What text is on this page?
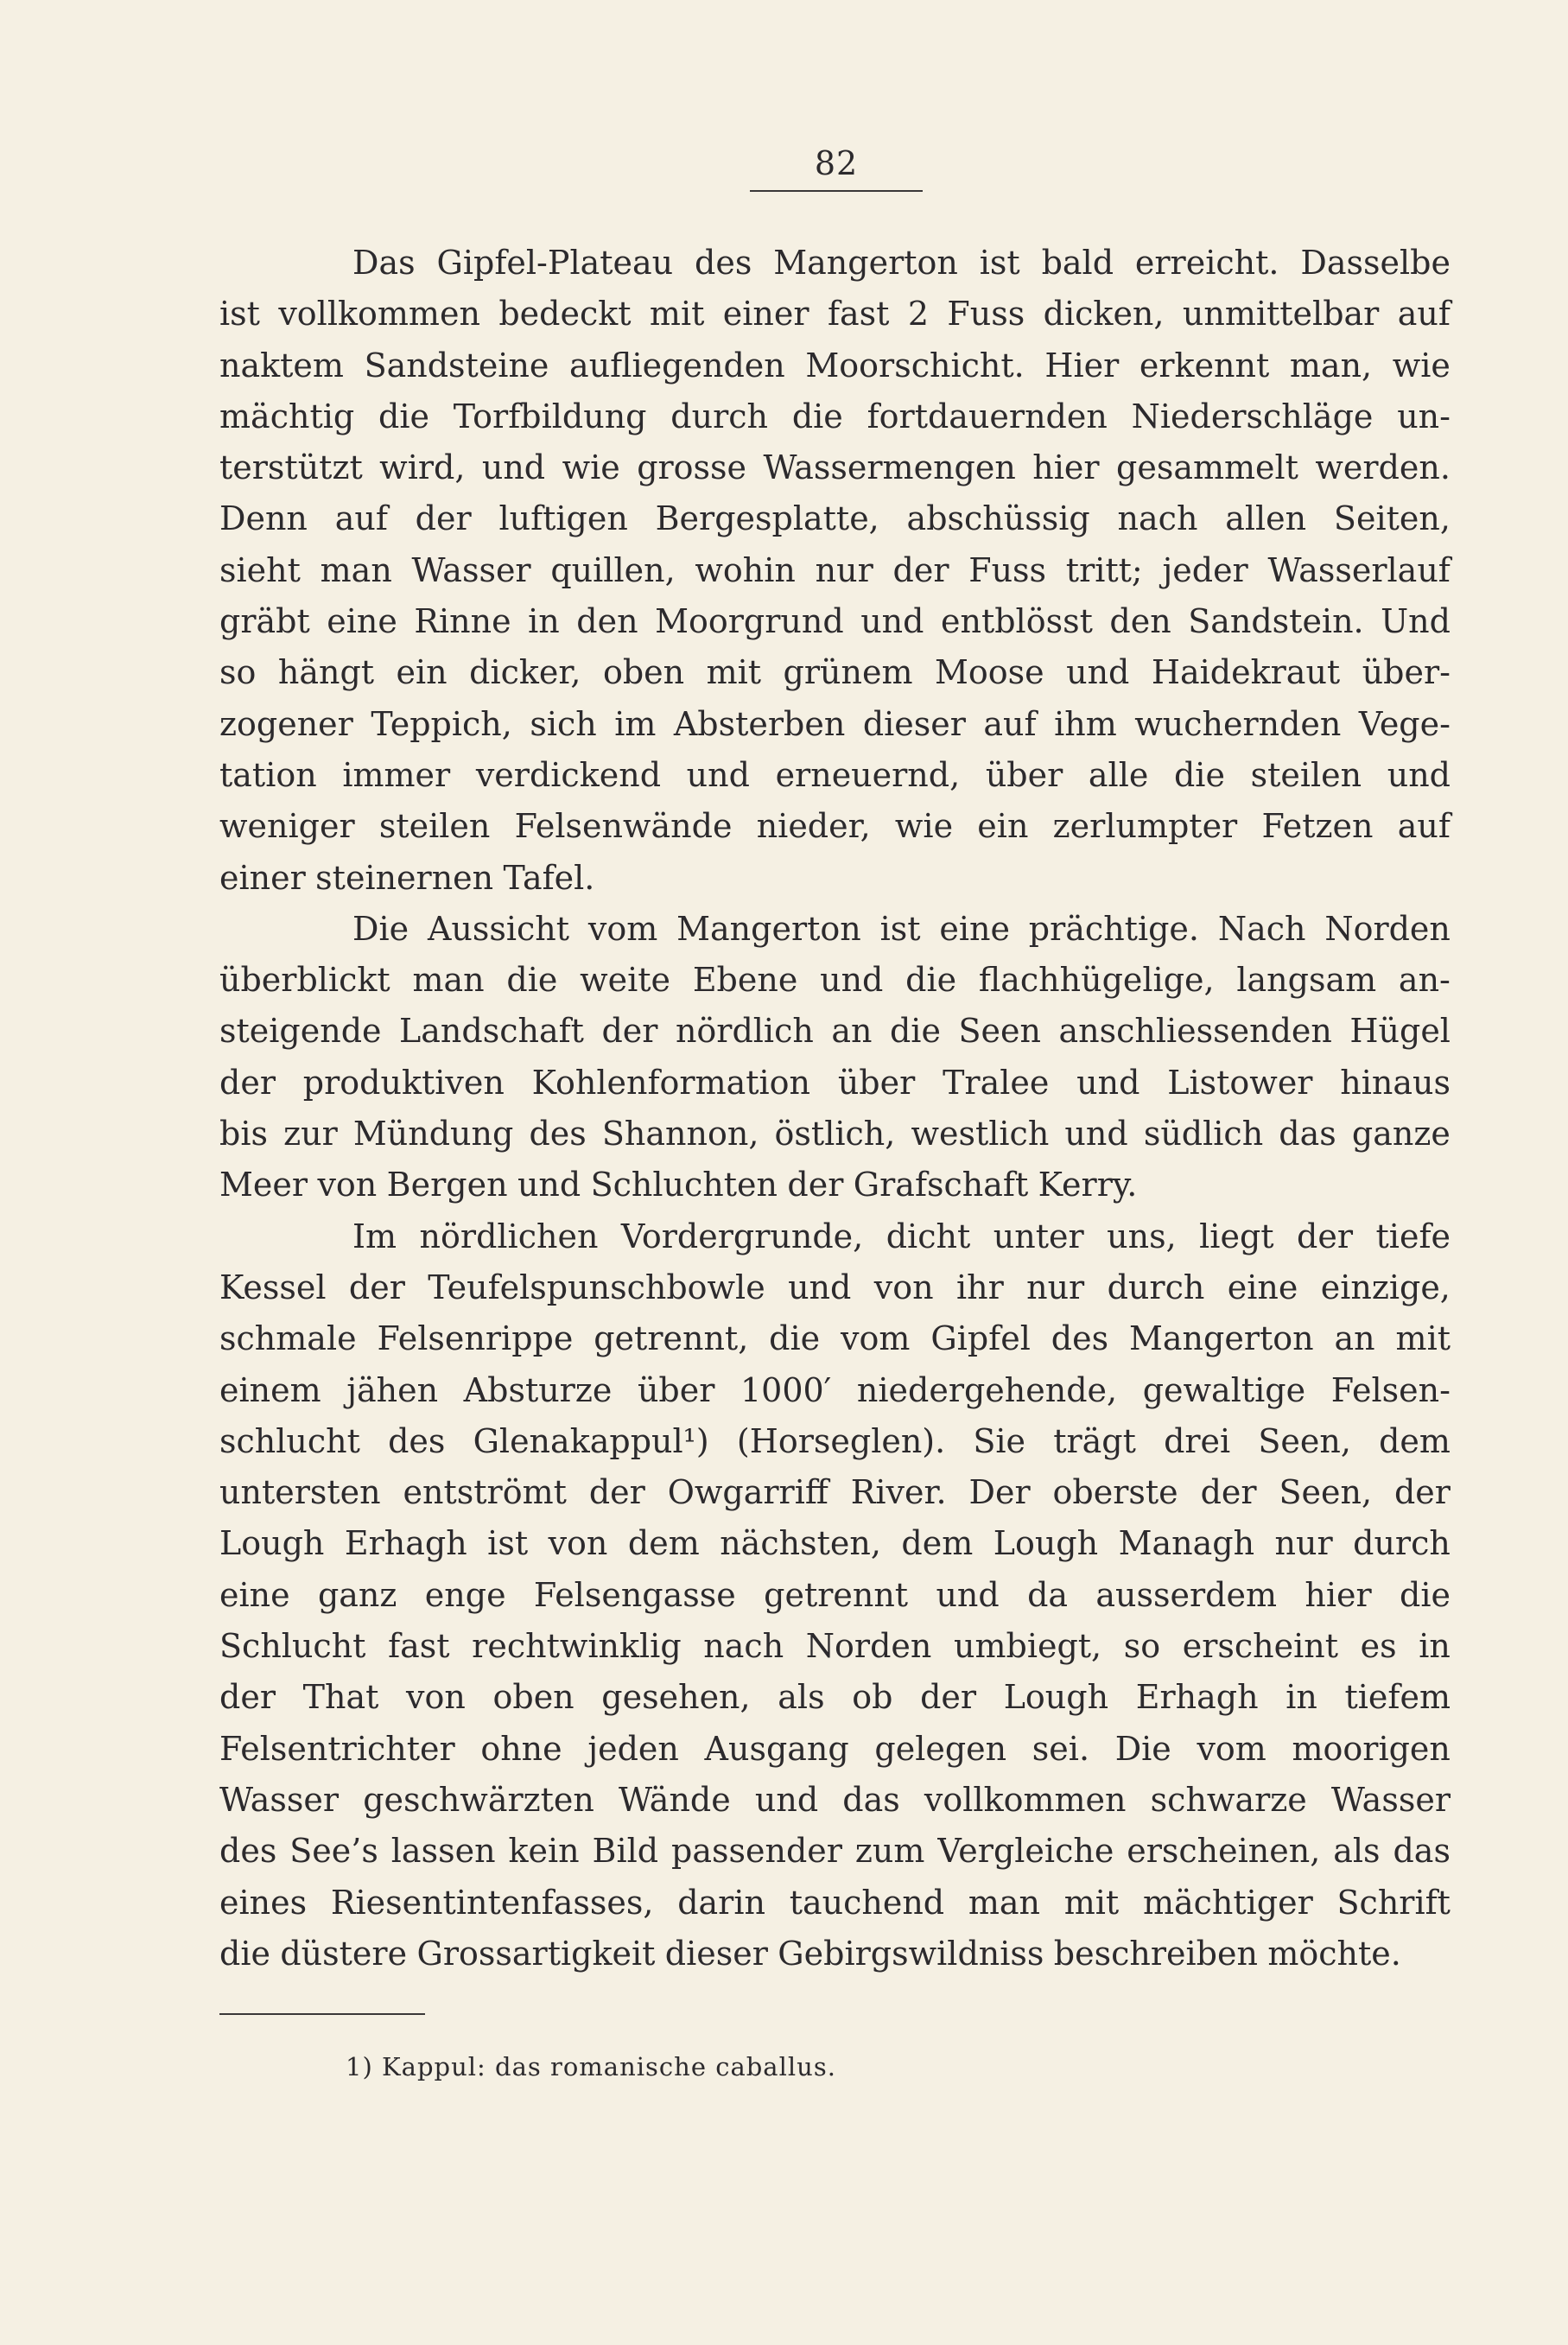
82
Das Gipfel-Plateau des Mangerton ist bald erreicht. Dasselbe
ist vollkommen bedeckt mit einer fast 2 Fuss dicken, unmittelbar auf
naktem Sandsteine aufliegenden Moorschicht. Hier erkennt man, wie
mächtig die Torfbildung durch die fortdauernden Niederschläge un-
terstützt wird, und wie grosse Wassermengen hier gesammelt werden.
Denn auf der luftigen Bergesplatte, abschüssig nach allen Seiten,
sieht man Wasser quillen, wohin nur der Fuss tritt; jeder Wasserlauf
gräbt eine Rinne in den Moorgrund und entblösst den Sandstein. Und
so hängt ein dicker, oben mit grünem Moose und Haidekraut über-
zogener Teppich, sich im Absterben dieser auf ihm wuchernden Vege-
tation immer verdickend und erneuernd, über alle die steilen und
weniger steilen Felsenwände nieder, wie ein zerlumpter Fetzen auf
einer steinernen Tafel.
Die Aussicht vom Mangerton ist eine prächtige. Nach Norden
überblickt man die weite Ebene und die flachhügelige, langsam an-
steigende Landschaft der nördlich an die Seen anschliessenden Hügel
der produktiven Kohlenformation über Tralee und Listower hinaus
bis zur Mündung des Shannon, östlich, westlich und südlich das ganze
Meer von Bergen und Schluchten der Grafschaft Kerry.
Im nördlichen Vordergrunde, dicht unter uns, liegt der tiefe
Kessel der Teufelspunschbowle und von ihr nur durch eine einzige,
schmale Felsenrippe getrennt, die vom Gipfel des Mangerton an mit
einem jähen Absturze über 1000′ niedergehende, gewaltige Felsen-
schlucht des Glenakappul¹) (Horseglen). Sie trägt drei Seen, dem
untersten entströmt der Owgarriff River. Der oberste der Seen, der
Lough Erhagh ist von dem nächsten, dem Lough Managh nur durch
eine ganz enge Felsengasse getrennt und da ausserdem hier die
Schlucht fast rechtwinklig nach Norden umbiegt, so erscheint es in
der That von oben gesehen, als ob der Lough Erhagh in tiefem
Felsentrichter ohne jeden Ausgang gelegen sei. Die vom moorigen
Wasser geschwärzten Wände und das vollkommen schwarze Wasser
des See’s lassen kein Bild passender zum Vergleiche erscheinen, als das
eines Riesentintenfasses, darin tauchend man mit mächtiger Schrift
die düstere Grossartigkeit dieser Gebirgswildniss beschreiben möchte.
1) Kappul: das romanische caballus.
